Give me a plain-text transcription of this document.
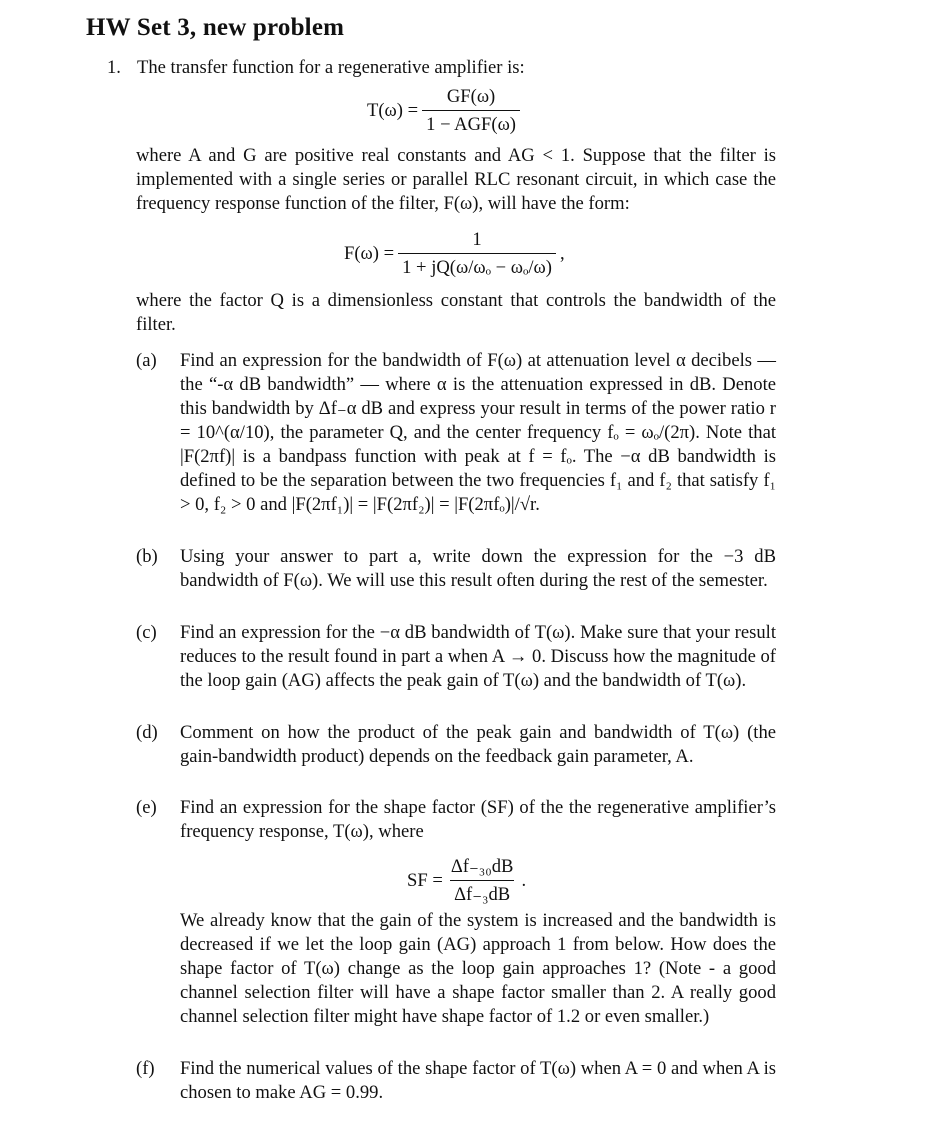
HW Set 3, new problem

1. The transfer function for a regenerative amplifier is:

$T(\omega) = \frac{GF(\omega)}{\text{1 − AGF(ω)}}$

where A and G are positive real constants and AG < 1. Suppose that the filter is implemented with a single series or parallel RLC resonant circuit, in which case the frequency response function of the filter, F(ω), will have the form:

$F(\omega) = \frac{1}{\text{1 + jQ(ω/ωₒ − ωₒ/ω)}}$ ,

where the factor Q is a dimensionless constant that controls the bandwidth of the filter.

(a)	Find an expression for the bandwidth of F(ω) at attenuation level α decibels — the “-α dB bandwidth” — where α is the attenuation expressed in dB. Denote this bandwidth by Δf₋α dB and express your result in terms of the power ratio r = 10^(α/10), the parameter Q, and the center frequency fₒ = ωₒ/(2π). Note that |F(2πf)| is a bandpass function with peak at f = fₒ. The −α dB bandwidth is defined to be the separation between the two frequencies f₁ and f₂ that satisfy f₁ > 0, f₂ > 0 and |F(2πf₁)| = |F(2πf₂)| = |F(2πfₒ)|/√r.
(b)	Using your answer to part a, write down the expression for the −3 dB bandwidth of F(ω). We will use this result often during the rest of the semester.
(c)	Find an expression for the −α dB bandwidth of T(ω). Make sure that your result reduces to the result found in part a when A → 0. Discuss how the magnitude of the loop gain (AG) affects the peak gain of T(ω) and the bandwidth of T(ω).
(d)	Comment on how the product of the peak gain and bandwidth of T(ω) (the gain-bandwidth product) depends on the feedback gain parameter, A.
(e)	Find an expression for the shape factor (SF) of the the regenerative amplifier’s frequency response, T(ω), where
SF = $\frac{\text{Δf₋₃₀dB}}{\text{Δf₋₃dB}}$ .

We already know that the gain of the system is increased and the bandwidth is decreased if we let the loop gain (AG) approach 1 from below. How does the shape factor of T(ω) change as the loop gain approaches 1? (Note - a good channel selection filter will have a shape factor smaller than 2. A really good channel selection filter might have shape factor of 1.2 or even smaller.)

(f)	Find the numerical values of the shape factor of T(ω) when A = 0 and when A is chosen to make AG = 0.99.
